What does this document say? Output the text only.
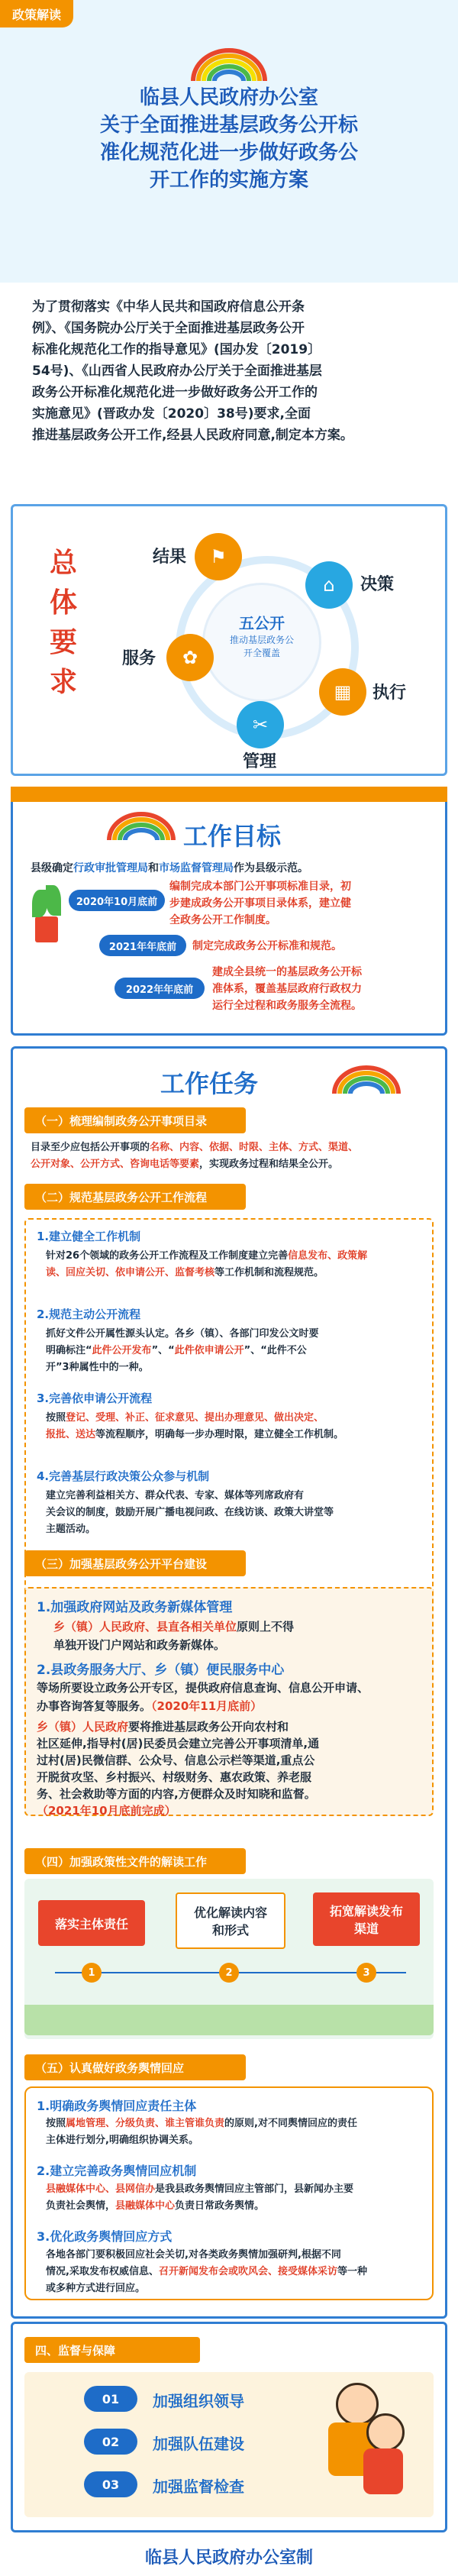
政策解读
临县人民政府办公室
关于全面推进基层政务公开标
准化规范化进一步做好政务公
开工作的实施方案
为了贯彻落实《中华人民共和国政府信息公开条
例》、《国务院办公厅关于全面推进基层政务公开
标准化规范化工作的指导意见》(国办发〔2019〕
54号)、《山西省人民政府办公厅关于全面推进基层
政务公开标准化规范化进一步做好政务公开工作的
实施意见》(晋政办发〔2020〕38号)要求,全面
推进基层政务公开工作,经县人民政府同意,制定本方案。
总
体
要
求
五公开
推动基层政务公
开全覆盖
⚑
结果
⌂ 决策
▦ 执行
✂
管理
✿
服务
工作目标
县级确定行政审批管理局和市场监督管理局作为县级示范。
2020年10月底前
编制完成本部门公开事项标准目录，初
步建成政务公开事项目录体系，建立健
全政务公开工作制度。
2021年年底前	制定完成政务公开标准和规范。
2022年年底前
建成全县统一的基层政务公开标
准体系，覆盖基层政府行政权力
运行全过程和政务服务全流程。
工作任务
（一）梳理编制政务公开事项目录
目录至少应包括公开事项的名称、内容、依据、时限、主体、方式、渠道、
公开对象、公开方式、咨询电话等要素，实现政务过程和结果全公开。
（二）规范基层政务公开工作流程
1.建立健全工作机制
针对26个领域的政务公开工作流程及工作制度建立完善信息发布、政策解
读、回应关切、依申请公开、监督考核等工作机制和流程规范。
2.规范主动公开流程
抓好文件公开属性源头认定。各乡（镇）、各部门印发公文时要
明确标注“此件公开发布”、“此件依申请公开”、“此件不公
开”3种属性中的一种。
3.完善依申请公开流程
按照登记、受理、补正、征求意见、提出办理意见、做出决定、
报批、送达等流程顺序，明确每一步办理时限，建立健全工作机制。
4.完善基层行政决策公众参与机制
建立完善利益相关方、群众代表、专家、媒体等列席政府有
关会议的制度，鼓励开展广播电视问政、在线访谈、政策大讲堂等
主题活动。
（三）加强基层政务公开平台建设
1.加强政府网站及政务新媒体管理
乡（镇）人民政府、县直各相关单位原则上不得
单独开设门户网站和政务新媒体。
2.县政务服务大厅、乡（镇）便民服务中心
等场所要设立政务公开专区，提供政府信息查询、信息公开申请、
办事咨询答复等服务。（2020年11月底前）
乡（镇）人民政府要将推进基层政务公开向农村和
社区延伸,指导村(居)民委员会建立完善公开事项清单,通
过村(居)民微信群、公众号、信息公示栏等渠道,重点公
开脱贫攻坚、乡村振兴、村级财务、惠农政策、养老服
务、社会救助等方面的内容,方便群众及时知晓和监督。
（2021年10月底前完成）
（四）加强政策性文件的解读工作
落实主体责任
优化解读内容
和形式
拓宽解读发布
渠道
1	2	3
（五）认真做好政务舆情回应
1.明确政务舆情回应责任主体
按照属地管理、分级负责、谁主管谁负责的原则,对不同舆情回应的责任
主体进行划分,明确组织协调关系。
2.建立完善政务舆情回应机制
县融媒体中心、县网信办是我县政务舆情回应主管部门，县新闻办主要
负责社会舆情，县融媒体中心负责日常政务舆情。
3.优化政务舆情回应方式
各地各部门要积极回应社会关切,对各类政务舆情加强研判,根据不同
情况,采取发布权威信息、召开新闻发布会或吹风会、接受媒体采访等一种
或多种方式进行回应。
四、监督与保障
01	加强组织领导
02	加强队伍建设
03	加强监督检查
临县人民政府办公室制
